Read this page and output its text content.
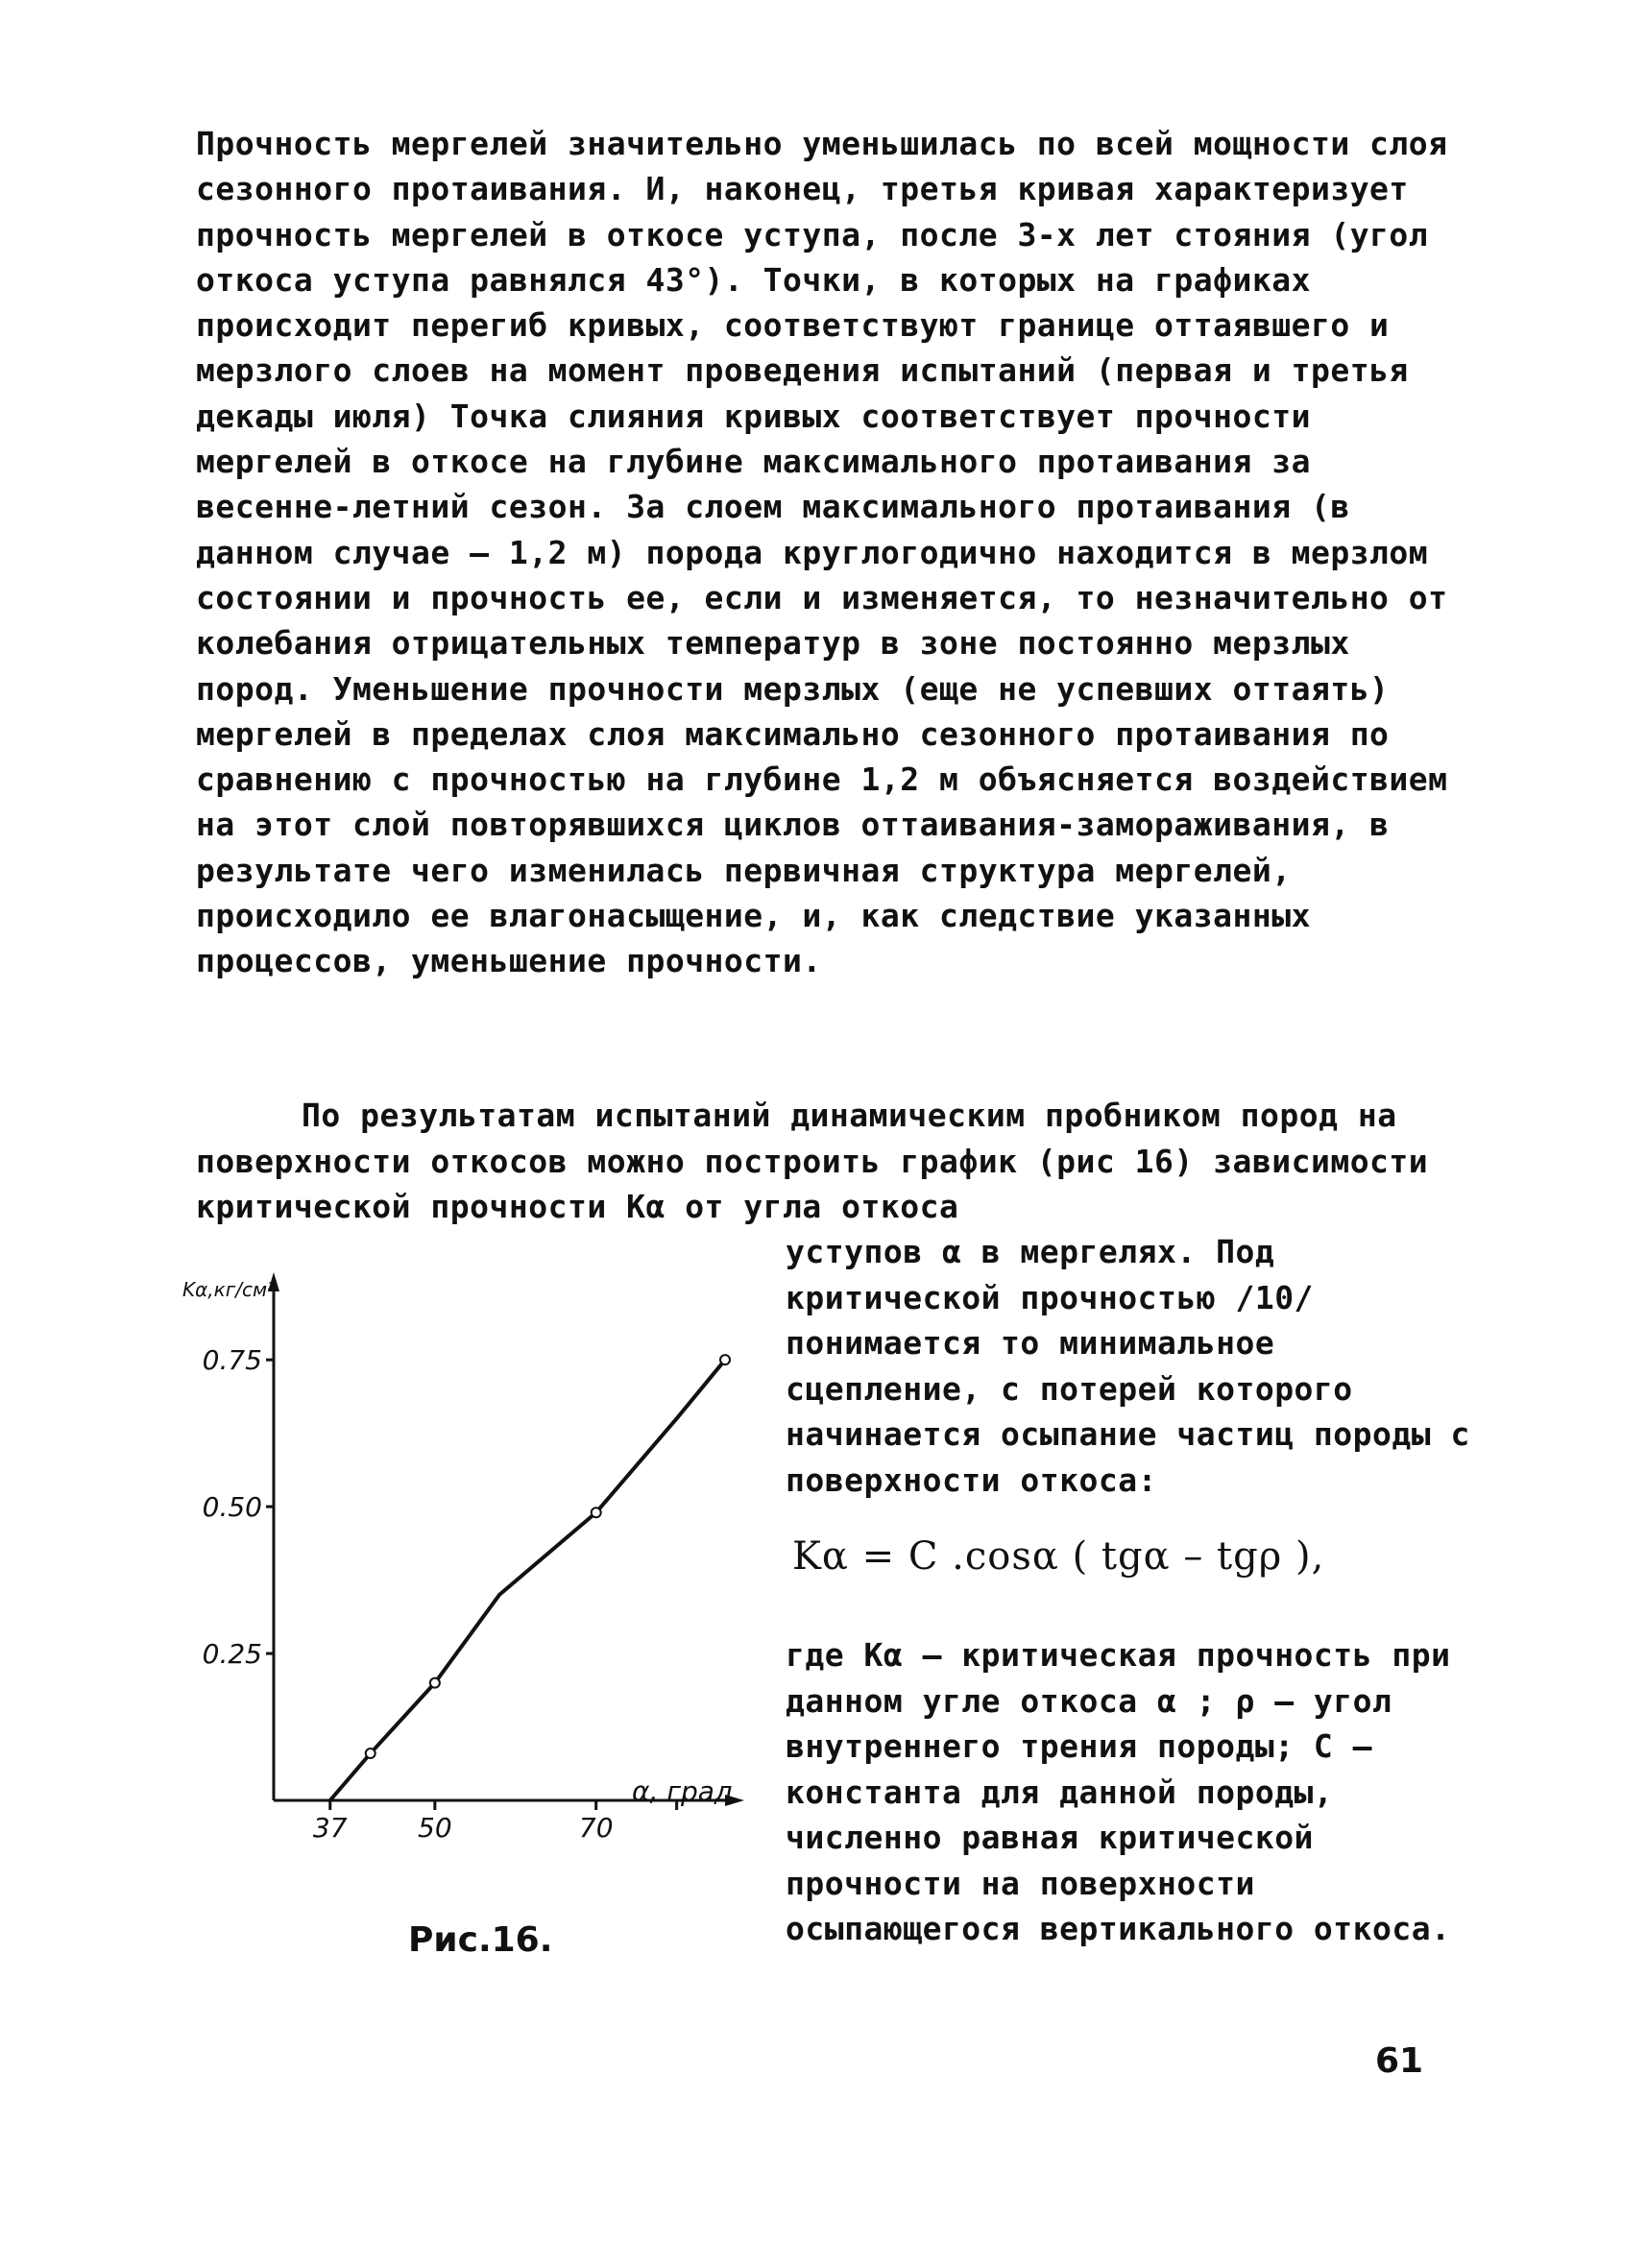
Прочность мергелей значительно уменьшилась по всей мощности слоя сезонного протаивания. И, наконец, третья кривая характеризует прочность мергелей в откосе уступа, после 3-х лет стояния (угол откоса уступа равнялся 43°). Точки, в которых на графиках происходит перегиб кривых, соответствуют границе оттаявшего и мерзлого слоев на момент проведения испытаний (первая и третья декады июля) Точка слияния кривых соответствует прочности мергелей в откосе на глубине максимального протаивания за весенне-летний сезон. За слоем максимального протаивания (в данном случае – 1,2 м) порода круглогодично находится в мерзлом состоянии и прочность ее, если и изменяется, то незначительно от колебания отрицательных температур в зоне постоянно мерзлых пород. Уменьшение прочности мерзлых (еще не успевших оттаять) мергелей в пределах слоя максимально сезонного протаивания по сравнению с прочностью на глубине 1,2 м объясняется воздействием на этот слой повторявшихся циклов оттаивания-замораживания, в результате чего изменилась первичная структура мергелей, происходило ее влагонасыщение, и, как следствие указанных процессов, уменьшение прочности.
По результатам испытаний динамическим пробником пород на поверхности откосов можно построить график (рис 16) зависимости критической прочности Kα от угла откоса
0.25
0.50
0.75
37	50	70
Kα,кг/см²
α, град
уступов α в мергелях. Под критической прочностью /10/ понимается то минимальное сцепление, с потерей которого начинается осыпание частиц породы с поверхности откоса:
Kα = C .cosα ( tgα – tgρ ),
где Kα – критическая прочность при данном угле откоса α ; ρ – угол внутреннего трения породы; C – константа для данной породы, численно равная критической прочности на поверхности осыпающегося вертикального откоса.
Рис.16.
61
